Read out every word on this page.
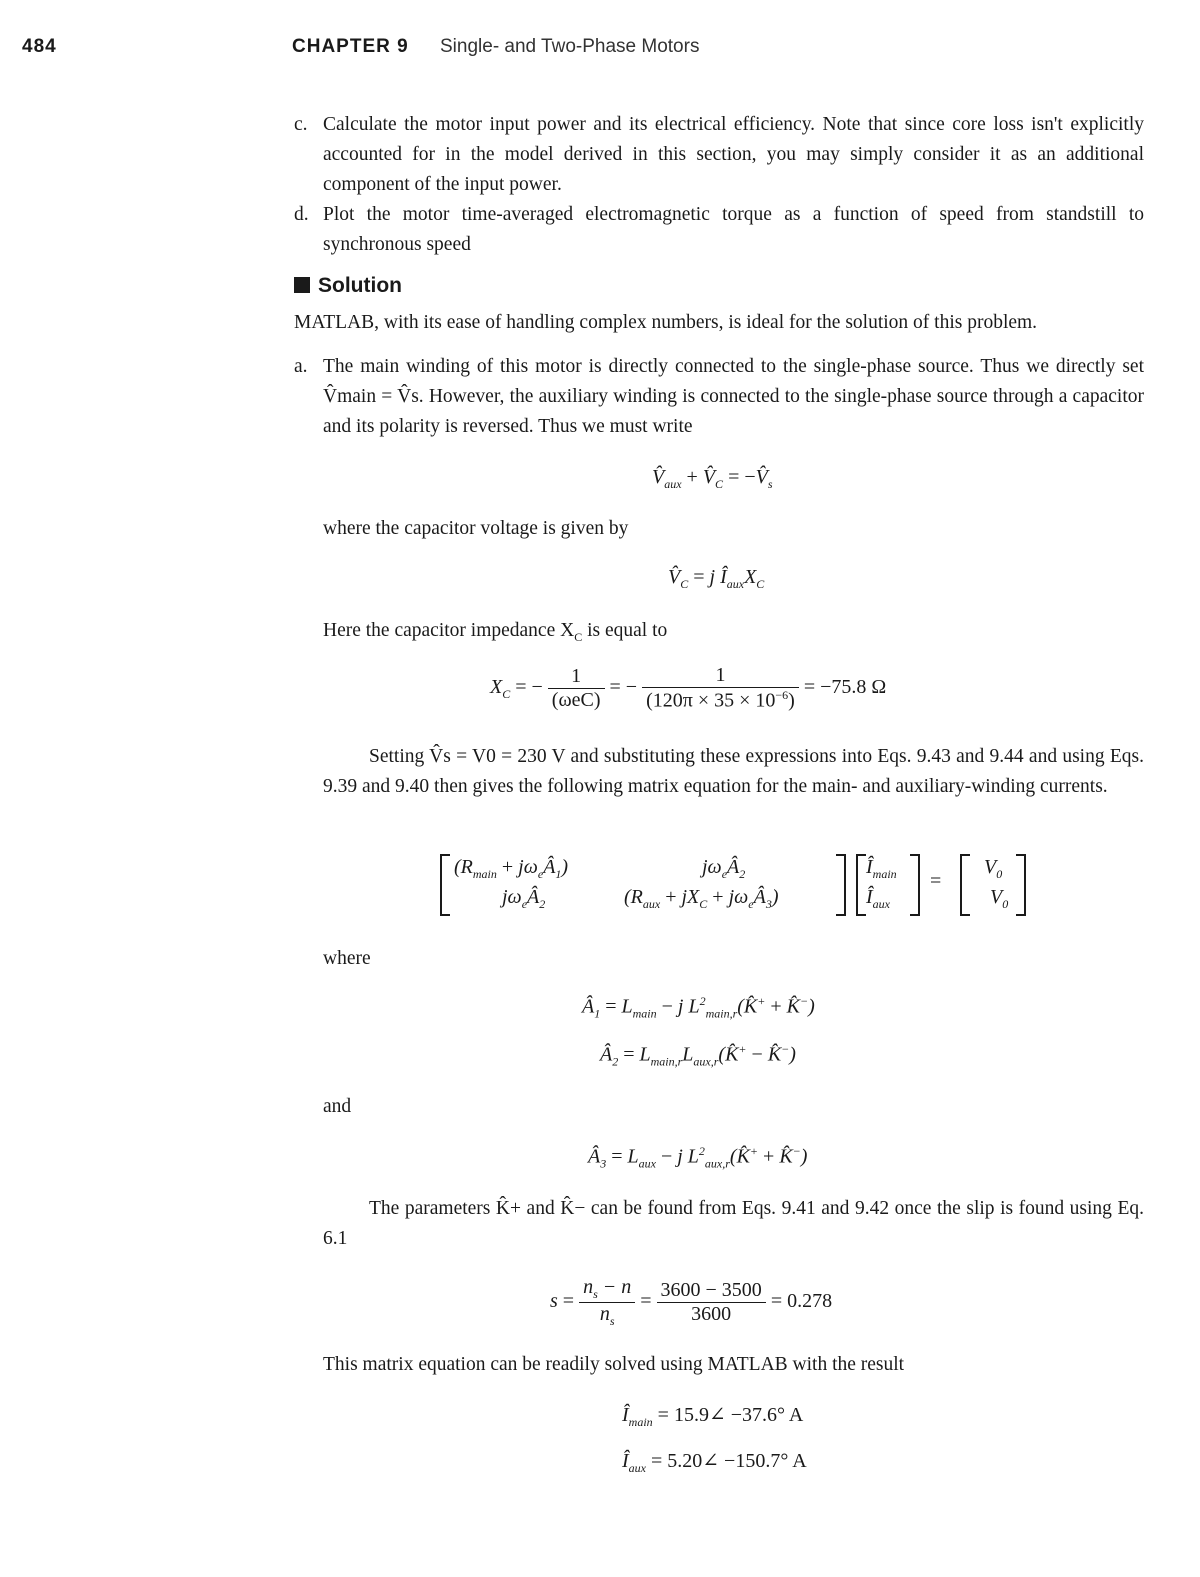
484	CHAPTER 9 Single- and Two-Phase Motors
c. Calculate the motor input power and its electrical efficiency. Note that since core loss isn't explicitly accounted for in the model derived in this section, you may simply consider it as an additional component of the input power.
d. Plot the motor time-averaged electromagnetic torque as a function of speed from standstill to synchronous speed
Solution
MATLAB, with its ease of handling complex numbers, is ideal for the solution of this problem.
a. The main winding of this motor is directly connected to the single-phase source. Thus we directly set V̂main = V̂s. However, the auxiliary winding is connected to the single-phase source through a capacitor and its polarity is reversed. Thus we must write
$V̂_{aux}$ + $V̂_C$ = $-V̂_s$
where the capacitor voltage is given by
$V̂_C = j$ $Î_{aux}X_C$
Here the capacitor impedance $X_C$ is equal to
$X_C$ = − $\frac{1}{\text{(ωeC)}}$ = − $\frac{1}{(120\pi \times 35 \times 10^{-6})} = -75.8$ Ω
Setting V̂s = V0 = 230 V and substituting these expressions into Eqs. 9.43 and 9.44 and using Eqs. 9.39 and 9.40 then gives the following matrix equation for the main- and auxiliary-winding currents.
($R_{main}$ + $j\omega_eÂ_1$)	$j\omega_eÂ_2$
$j\omega_eÂ_2$	($R_{aux} + jX_C$ + $j\omega_eÂ_3$)
$Î_{main}$
$Î_{aux}$
=
$V_0$
$V_0$
where
$Â_1 = L_{main} - j$ $L^2_{main,r}(K̂^+$ + K̂−)
$Â_2$ = $L_{main,r}L_{aux,r}(K̂^+$ − K̂−)
and
$Â_3 = L_{aux} - j$ $L^2_{aux,r}(K̂^+$ + K̂−)
The parameters K̂+ and K̂− can be found from Eqs. 9.41 and 9.42 once the slip is found using Eq. 6.1
$s = \frac{n_s - n}{n_s} = \frac{3600 - 3500}{3600} = 0.278$
This matrix equation can be readily solved using MATLAB with the result
$Î_{main}$ = 15.9∠ −37.6° A
$Î_{aux}$ = 5.20∠ −150.7° A
